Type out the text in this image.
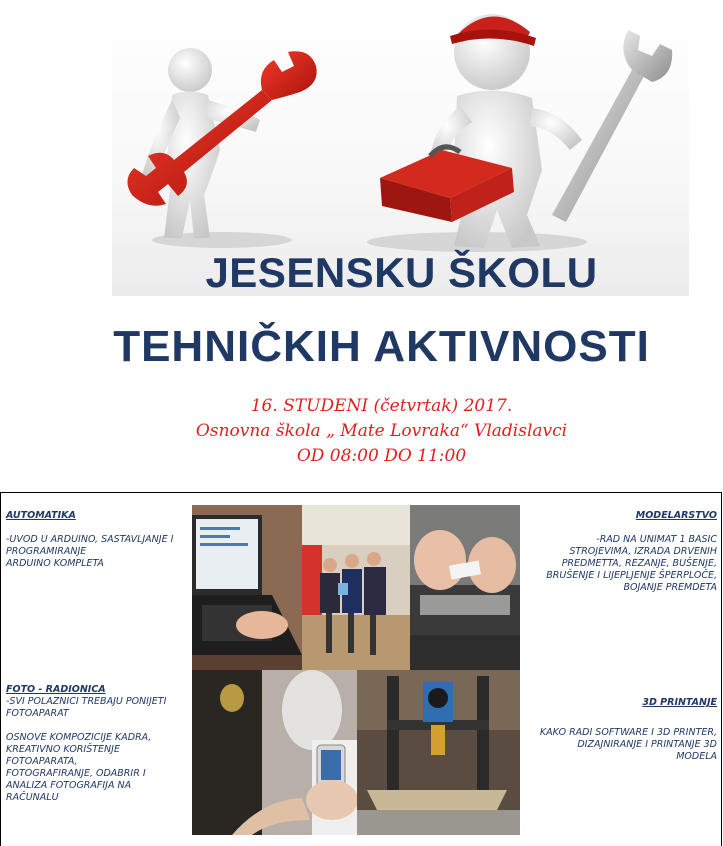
JESENSKU ŠKOLU
TEHNIČKIH AKTIVNOSTI
16. STUDENI (četvrtak) 2017.
Osnovna škola „ Mate Lovraka“ Vladislavci
OD 08:00 DO 11:00

AUTOMATIKA

-UVOD U ARDUINO, SASTAVLJANJE I

PROGRAMIRANJE

ARDUINO KOMPLETA

MODELARSTVO

-RAD NA UNIMAT 1 BASIC

STROJEVIMA, IZRADA DRVENIH

PREDMETTA, REZANJE, BUŠENJE,

BRUŠENJE I LIJEPLJENJE ŠPERPLOČE,

BOJANJE PREMDETA

FOTO - RADIONICA

-SVI POLAZNICI TREBAJU PONIJETI

FOTOAPARAT

OSNOVE KOMPOZICIJE KADRA,

KREATIVNO KORIŠTENJE

FOTOAPARATA,

FOTOGRAFIRANJE, ODABRIR I

ANALIZA FOTOGRAFIJA NA

RAČUNALU

3D PRINTANJE

KAKO RADI SOFTWARE I 3D PRINTER,

DIZAJNIRANJE I PRINTANJE 3D

MODELA
